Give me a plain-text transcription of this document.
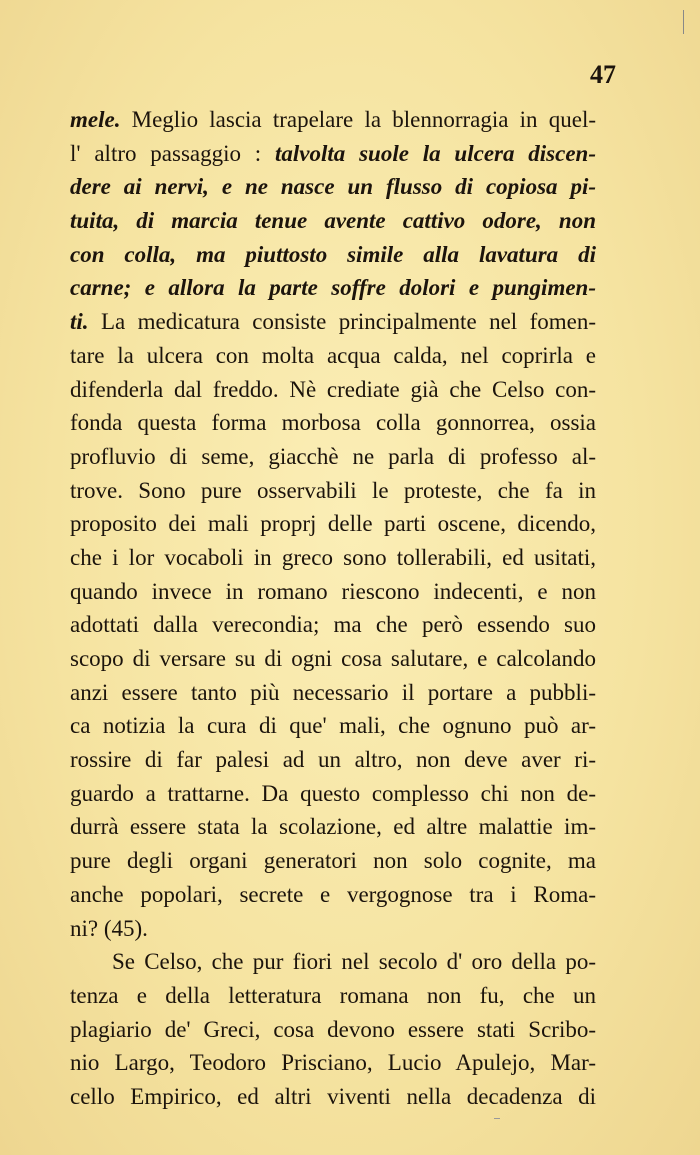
47
mele. Meglio lascia trapelare la blennorragia in quel-
l' altro passaggio : talvolta suole la ulcera discen-
dere ai nervi, e ne nasce un flusso di copiosa pi-
tuita, di marcia tenue avente cattivo odore, non
con colla, ma piuttosto simile alla lavatura di
carne; e allora la parte soffre dolori e pungimen-
ti. La medicatura consiste principalmente nel fomen-
tare la ulcera con molta acqua calda, nel coprirla e
difenderla dal freddo. Nè crediate già che Celso con-
fonda questa forma morbosa colla gonnorrea, ossia
profluvio di seme, giacchè ne parla di professo al-
trove. Sono pure osservabili le proteste, che fa in
proposito dei mali proprj delle parti oscene, dicendo,
che i lor vocaboli in greco sono tollerabili, ed usitati,
quando invece in romano riescono indecenti, e non
adottati dalla verecondia; ma che però essendo suo
scopo di versare su di ogni cosa salutare, e calcolando
anzi essere tanto più necessario il portare a pubbli-
ca notizia la cura di que' mali, che ognuno può ar-
rossire di far palesi ad un altro, non deve aver ri-
guardo a trattarne. Da questo complesso chi non de-
durrà essere stata la scolazione, ed altre malattie im-
pure degli organi generatori non solo cognite, ma
anche popolari, secrete e vergognose tra i Roma-
ni? (45).
Se Celso, che pur fiori nel secolo d' oro della po-
tenza e della letteratura romana non fu, che un
plagiario de' Greci, cosa devono essere stati Scribo-
nio Largo, Teodoro Prisciano, Lucio Apulejo, Mar-
cello Empirico, ed altri viventi nella decadenza di
